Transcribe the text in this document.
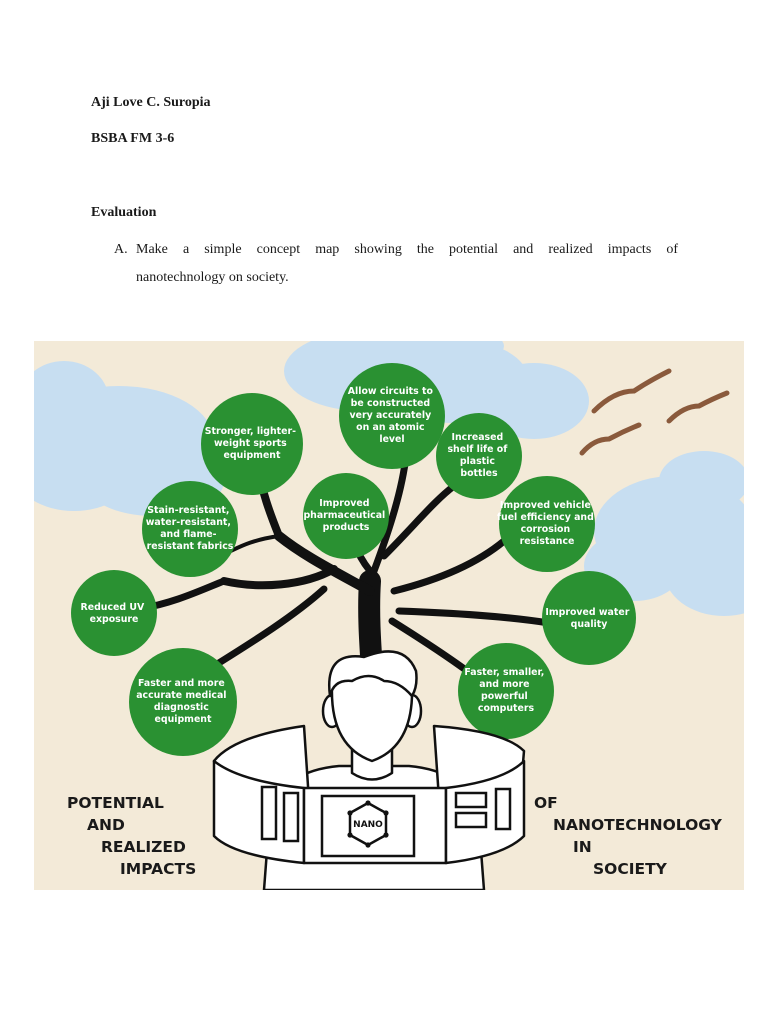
Aji Love C. Suropia
BSBA FM 3-6
Evaluation
A. Make a simple concept map showing the potential and realized impacts of
nanotechnology on society.
Stronger, lighter- weight sports equipment
Allow circuits to be constructed very accurately on an atomic level	Increased shelf life of plastic bottles
Improved pharmaceutical products
Stain-resistant, water-resistant, and flame- resistant fabrics
Improved vehicle fuel efficiency and corrosion resistance
Reduced UV exposure
Improved water quality
Faster and more accurate medical diagnostic equipment
Faster, smaller, and more powerful computers
NANO
POTENTIAL
AND
REALIZED
IMPACTS
OF
NANOTECHNOLOGY
IN
SOCIETY
